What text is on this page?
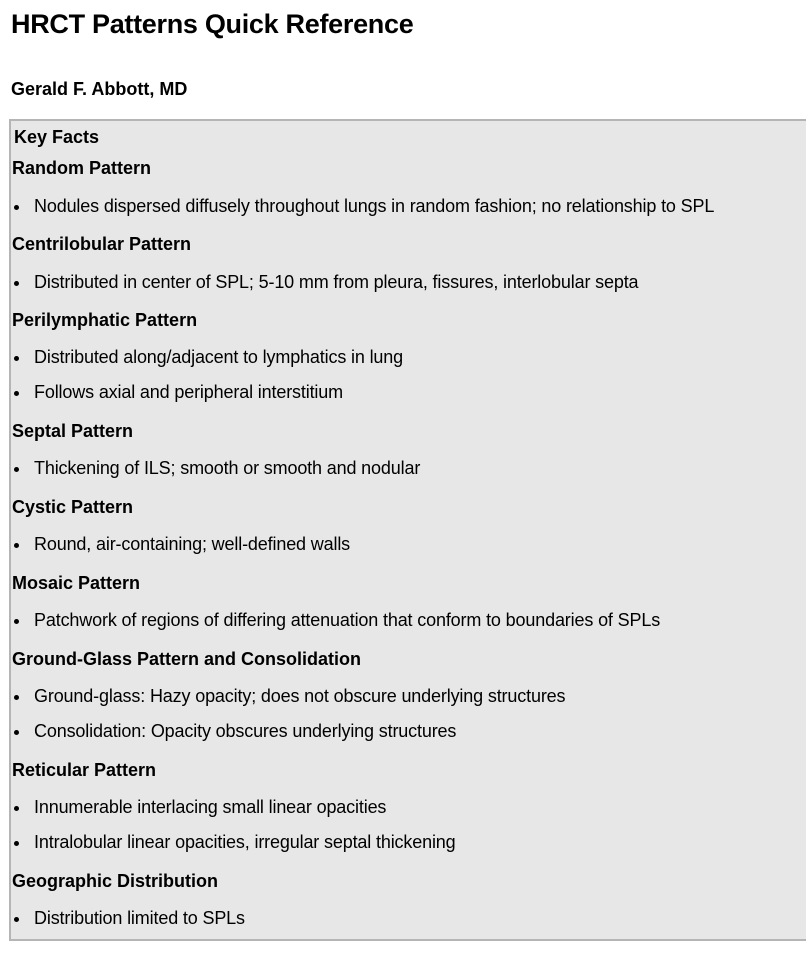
HRCT Patterns Quick Reference
Gerald F. Abbott, MD
Key Facts
Random Pattern
Nodules dispersed diffusely throughout lungs in random fashion; no relationship to SPL
Centrilobular Pattern
Distributed in center of SPL; 5-10 mm from pleura, fissures, interlobular septa
Perilymphatic Pattern
Distributed along/adjacent to lymphatics in lung
Follows axial and peripheral interstitium
Septal Pattern
Thickening of ILS; smooth or smooth and nodular
Cystic Pattern
Round, air-containing; well-defined walls
Mosaic Pattern
Patchwork of regions of differing attenuation that conform to boundaries of SPLs
Ground-Glass Pattern and Consolidation
Ground-glass: Hazy opacity; does not obscure underlying structures
Consolidation: Opacity obscures underlying structures
Reticular Pattern
Innumerable interlacing small linear opacities
Intralobular linear opacities, irregular septal thickening
Geographic Distribution
Distribution limited to SPLs
